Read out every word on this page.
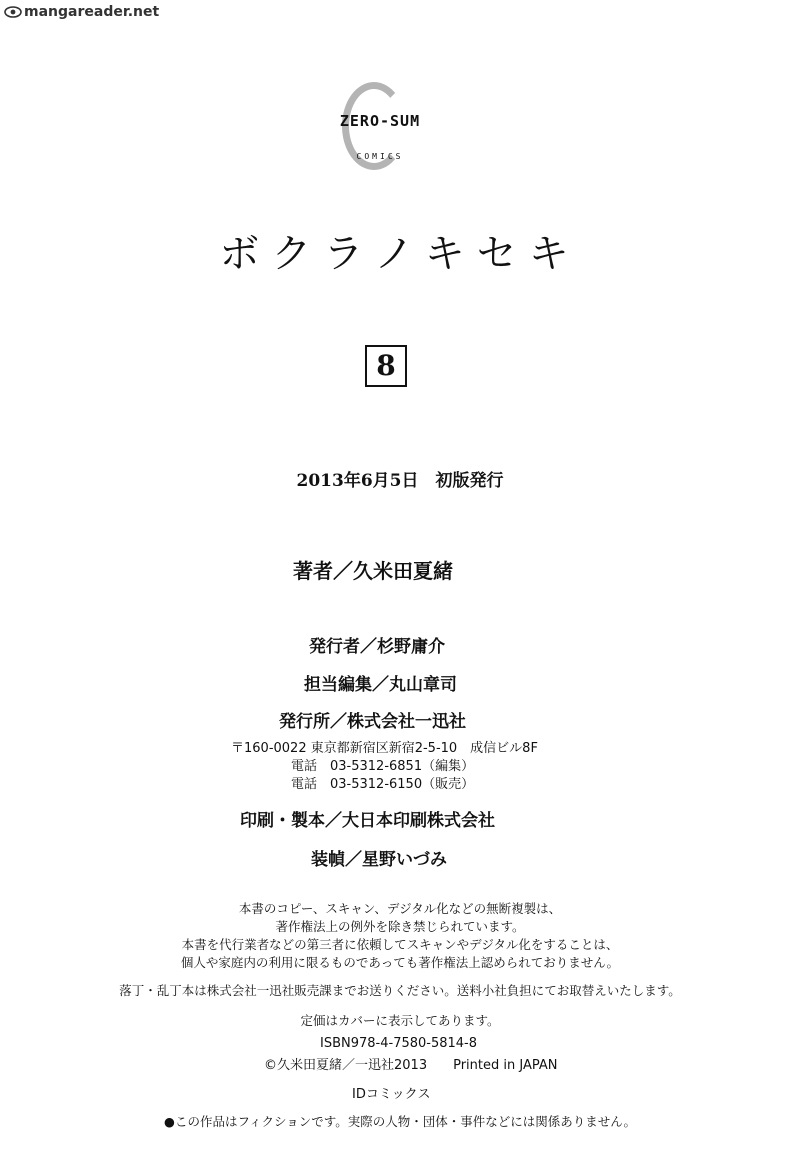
mangareader.net
ZERO-SUM
COMICS
ボクラノキセキ
8
2013年6月5日　初版発行
著者／久米田夏緒
発行者／杉野庸介
担当編集／丸山章司
発行所／株式会社一迅社
〒160-0022 東京都新宿区新宿2-5-10　成信ビル8F
電話　03-5312-6851（編集）
電話　03-5312-6150（販売）
印刷・製本／大日本印刷株式会社
装幀／星野いづみ
本書のコピー、スキャン、デジタル化などの無断複製は、
著作権法上の例外を除き禁じられています。
本書を代行業者などの第三者に依頼してスキャンやデジタル化をすることは、
個人や家庭内の利用に限るものであっても著作権法上認められておりません。
落丁・乱丁本は株式会社一迅社販売課までお送りください。送料小社負担にてお取替えいたします。
定価はカバーに表示してあります。
ISBN978-4-7580-5814-8
©久米田夏緒／一迅社2013　　Printed in JAPAN
IDコミックス
●この作品はフィクションです。実際の人物・団体・事件などには関係ありません。
